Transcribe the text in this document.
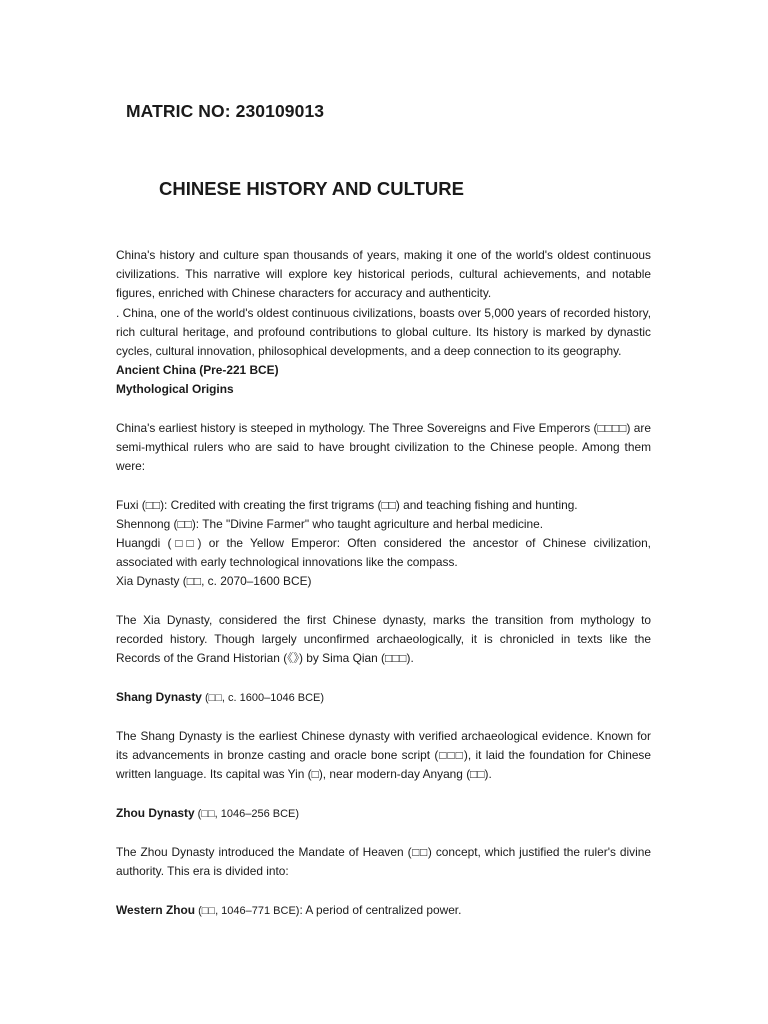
MATRIC NO: 230109013
CHINESE HISTORY AND CULTURE

China's history and culture span thousands of years, making it one of the world's oldest continuous civilizations. This narrative will explore key historical periods, cultural achievements, and notable figures, enriched with Chinese characters for accuracy and authenticity.

. China, one of the world's oldest continuous civilizations, boasts over 5,000 years of recorded history, rich cultural heritage, and profound contributions to global culture. Its history is marked by dynastic cycles, cultural innovation, philosophical developments, and a deep connection to its geography.

Ancient China (Pre-221 BCE)

Mythological Origins

China's earliest history is steeped in mythology. The Three Sovereigns and Five Emperors (□□□□) are semi-mythical rulers who are said to have brought civilization to the Chinese people. Among them were:

Fuxi (□□): Credited with creating the first trigrams (□□) and teaching fishing and hunting.

Shennong (□□): The "Divine Farmer" who taught agriculture and herbal medicine.

Huangdi (□□) or the Yellow Emperor: Often considered the ancestor of Chinese civilization, associated with early technological innovations like the compass.

Xia Dynasty (□□, c. 2070–1600 BCE)

The Xia Dynasty, considered the first Chinese dynasty, marks the transition from mythology to recorded history. Though largely unconfirmed archaeologically, it is chronicled in texts like the Records of the Grand Historian (《》) by Sima Qian (□□□).

Shang Dynasty (□□, c. 1600–1046 BCE)

The Shang Dynasty is the earliest Chinese dynasty with verified archaeological evidence. Known for its advancements in bronze casting and oracle bone script (□□□), it laid the foundation for Chinese written language. Its capital was Yin (□), near modern-day Anyang (□□).

Zhou Dynasty (□□, 1046–256 BCE)

The Zhou Dynasty introduced the Mandate of Heaven (□□) concept, which justified the ruler's divine authority. This era is divided into:

Western Zhou (□□, 1046–771 BCE): A period of centralized power.
